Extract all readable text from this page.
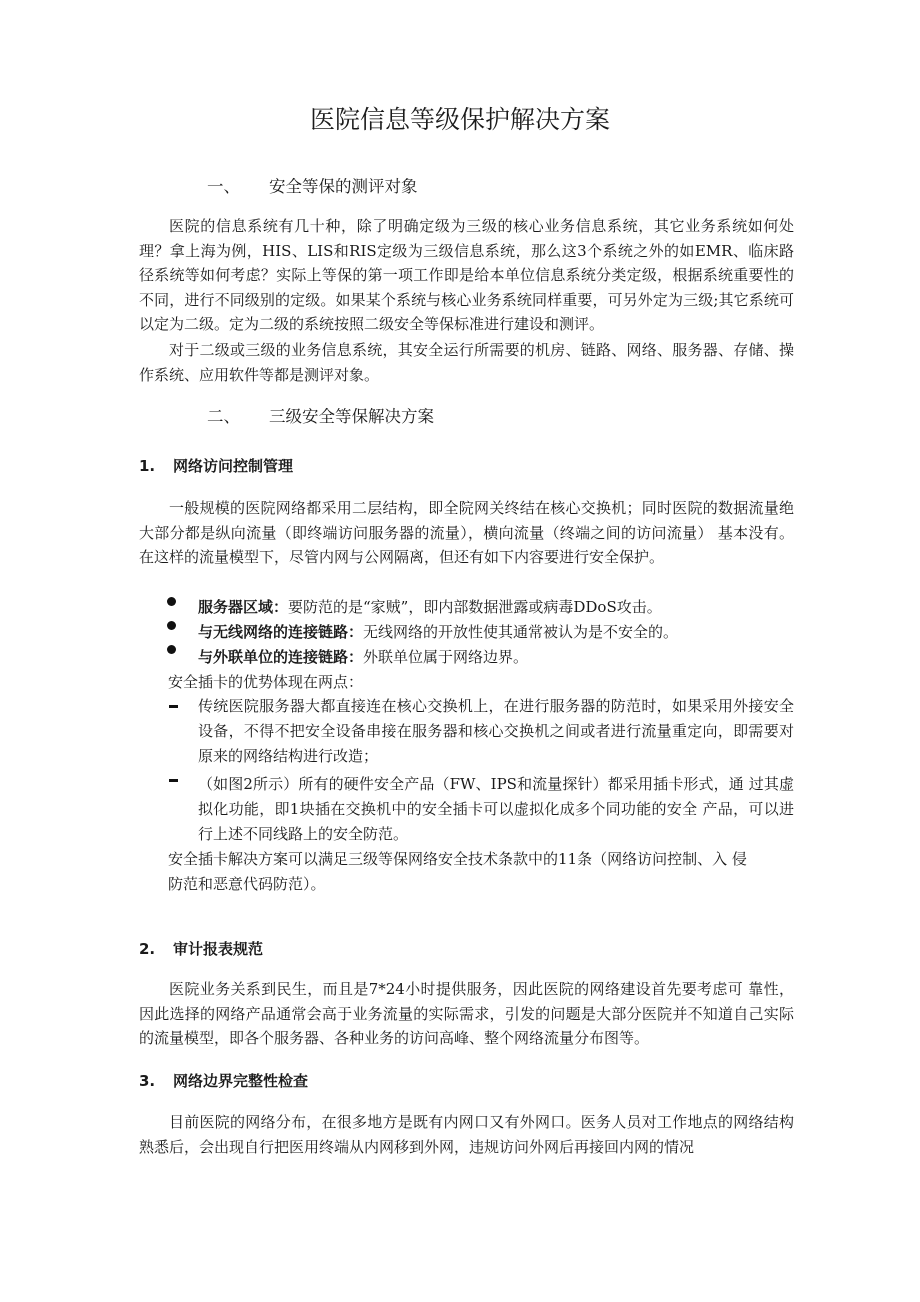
医院信息等级保护解决方案
一、 安全等保的测评对象

医院的信息系统有几十种，除了明确定级为三级的核心业务信息系统，其它业务系统如何处理？拿上海为例，HIS、LIS和RIS定级为三级信息系统，那么这3个系统之外的如EMR、临床路径系统等如何考虑？实际上等保的第一项工作即是给本单位信息系统分类定级，根据系统重要性的不同，进行不同级别的定级。如果某个系统与核心业务系统同样重要，可另外定为三级;其它系统可以定为二级。定为二级的系统按照二级安全等保标准进行建设和测评。

对于二级或三级的业务信息系统，其安全运行所需要的机房、链路、网络、服务器、存储、操作系统、应用软件等都是测评对象。

二、 三级安全等保解决方案
1. 网络访问控制管理

一般规模的医院网络都采用二层结构，即全院网关终结在核心交换机；同时医院的数据流量绝大部分都是纵向流量（即终端访问服务器的流量），横向流量（终端之间的访问流量） 基本没有。在这样的流量模型下，尽管内网与公网隔离，但还有如下内容要进行安全保护。

服务器区域：要防范的是“家贼”，即内部数据泄露或病毒DDoS攻击。

与无线网络的连接链路：无线网络的开放性使其通常被认为是不安全的。

与外联单位的连接链路：外联单位属于网络边界。

安全插卡的优势体现在两点：

传统医院服务器大都直接连在核心交换机上，在进行服务器的防范时，如果采用外接安全设备，不得不把安全设备串接在服务器和核心交换机之间或者进行流量重定向，即需要对原来的网络结构进行改造；

（如图2所示）所有的硬件安全产品（FW、IPS和流量探针）都采用插卡形式，通 过其虚拟化功能，即1块插在交换机中的安全插卡可以虚拟化成多个同功能的安全 产品，可以进行上述不同线路上的安全防范。

安全插卡解决方案可以满足三级等保网络安全技术条款中的11条（网络访问控制、入 侵

防范和恶意代码防范）。

2. 审计报表规范

医院业务关系到民生，而且是7*24小时提供服务，因此医院的网络建设首先要考虑可 靠性，因此选择的网络产品通常会高于业务流量的实际需求，引发的问题是大部分医院并不知道自己实际的流量模型，即各个服务器、各种业务的访问高峰、整个网络流量分布图等。

3. 网络边界完整性检查

目前医院的网络分布，在很多地方是既有内网口又有外网口。医务人员对工作地点的网络结构熟悉后，会出现自行把医用终端从内网移到外网，违规访问外网后再接回内网的情况
